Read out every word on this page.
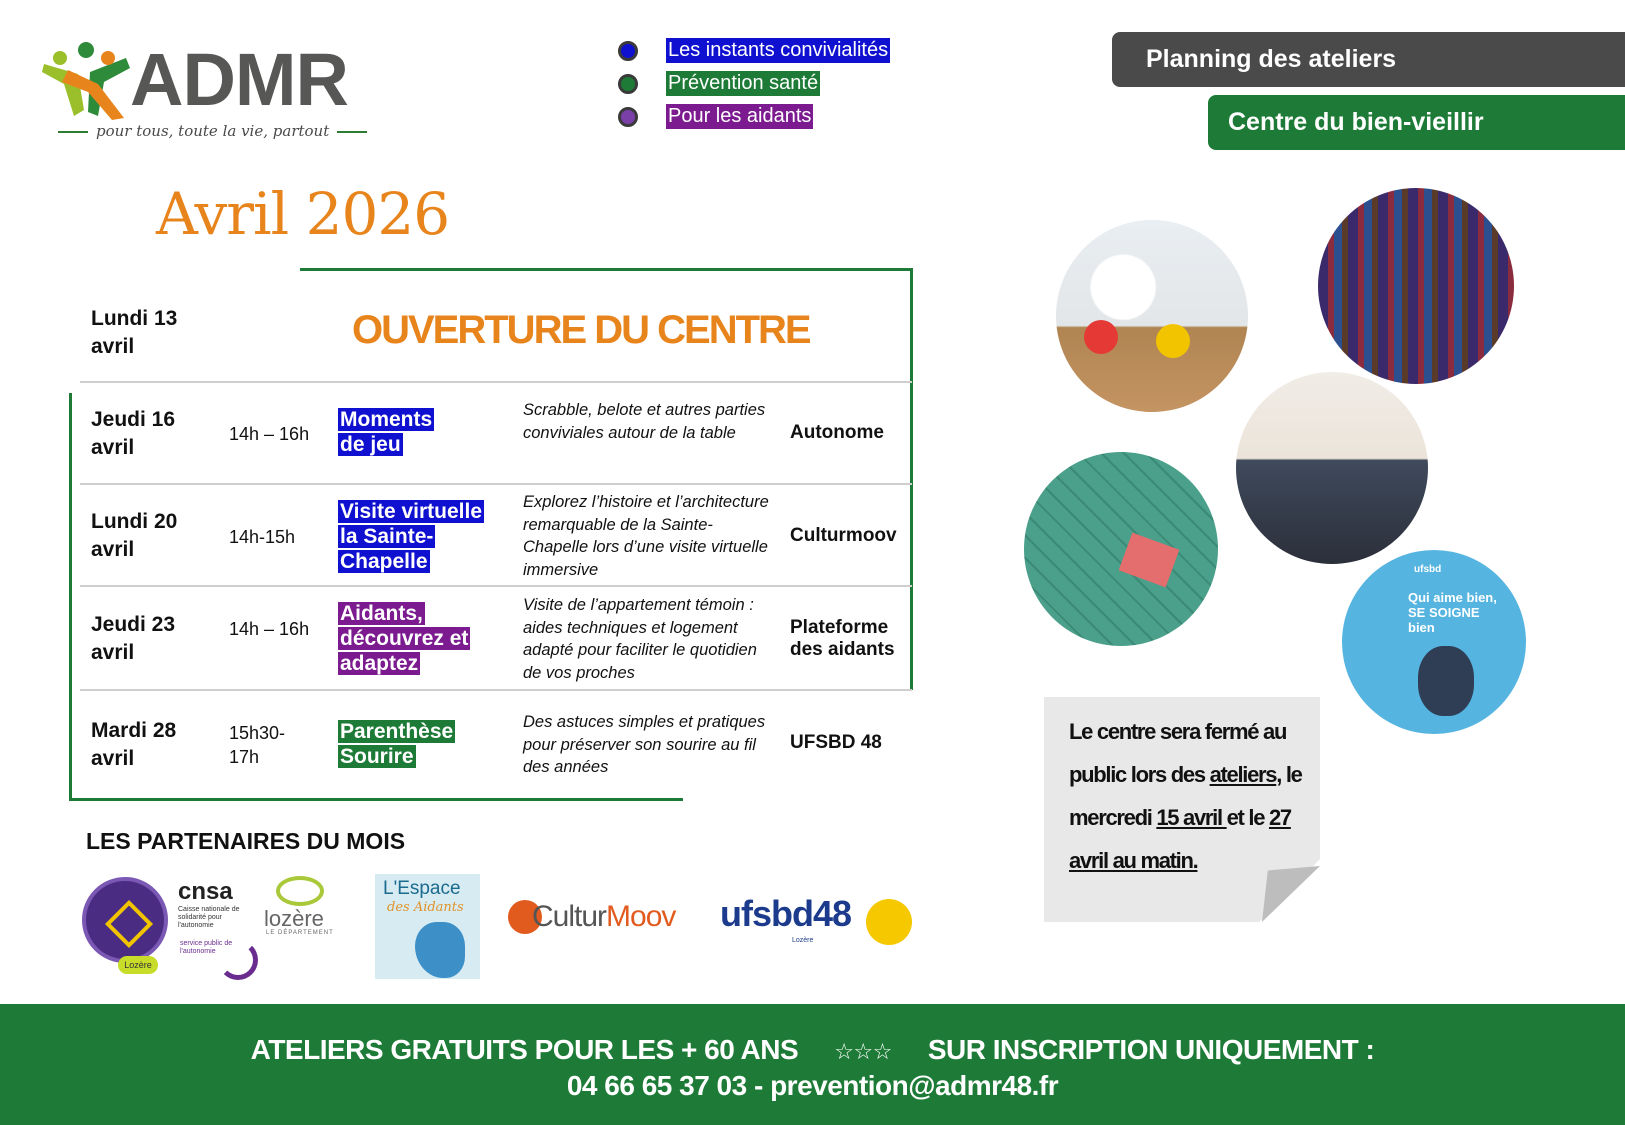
ADMR
pour tous, toute la vie, partout
Les instants convivialités
Prévention santé
Pour les aidants
Planning des ateliers
Centre du bien-vieillir
Avril 2026
Lundi 13 avril	OUVERTURE DU CENTRE
Jeudi 16 avril
14h – 16h
Moments de jeu
Scrabble, belote et autres parties conviviales autour de la table	Autonome
Lundi 20 avril
14h-15h
Visite virtuelle la Sainte-Chapelle
Explorez l’histoire et l’architecture remarquable de la Sainte-Chapelle lors d’une visite virtuelle immersive
Culturmoov
Jeudi 23 avril
14h – 16h
Aidants, découvrez et adaptez
Visite de l’appartement témoin : aides techniques et logement adapté pour faciliter le quotidien de vos proches
Plateforme des aidants
Mardi 28 avril
15h30-17h
Parenthèse Sourire
Des astuces simples et pratiques pour préserver son sourire au fil des années
UFSBD 48
LES PARTENAIRES DU MOIS
Lozère
cnsa
Caisse nationale de solidarité pour l'autonomie
service public de l'autonomie
lozère
LE DÉPARTEMENT
L'Espace
des Aidants CulturMoov ufsbd48
Lozère
Qui aime bien, SE SOIGNE bien
ufsbd
Le centre sera fermé au public lors des ateliers, le mercredi 15 avril et le 27 avril au matin.
ATELIERS GRATUITS POUR LES + 60 ANS ☆☆☆ SUR INSCRIPTION UNIQUEMENT :
04 66 65 37 03 - prevention@admr48.fr
